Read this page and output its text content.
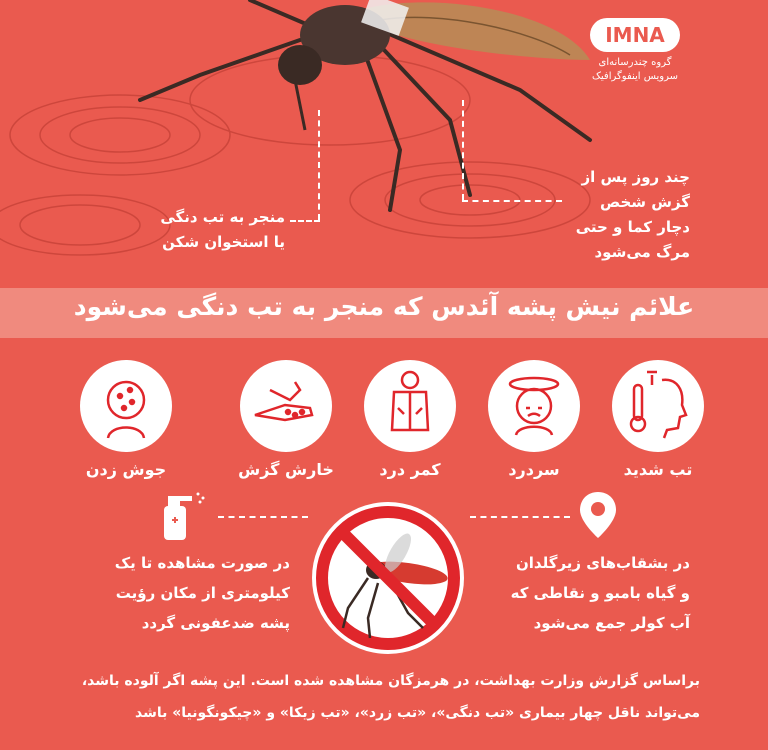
IMNA
گروه چندرسانه‌ای
سرویس اینفوگرافیک
چند روز پس از
گزش شخص
دچار کما و حتی
مرگ می‌شود
منجر به تب دنگی
یا استخوان شکن
علائم نیش پشه آئدس که منجر به تب دنگی می‌شود
تب شدید
سردرد
کمر درد
خارش گزش
جوش زدن
در بشقاب‌های زیرگلدان
و گیاه بامبو و نقاطی که
آب کولر جمع می‌شود
در صورت مشاهده تا یک
کیلومتری از مکان رؤیت
پشه ضدعفونی گردد
براساس گزارش وزارت بهداشت، در هرمزگان مشاهده شده است. این پشه اگر آلوده باشد،
می‌تواند ناقل چهار بیماری «تب دنگی»، «تب زرد»، «تب زیکا» و «چیکونگونیا» باشد
